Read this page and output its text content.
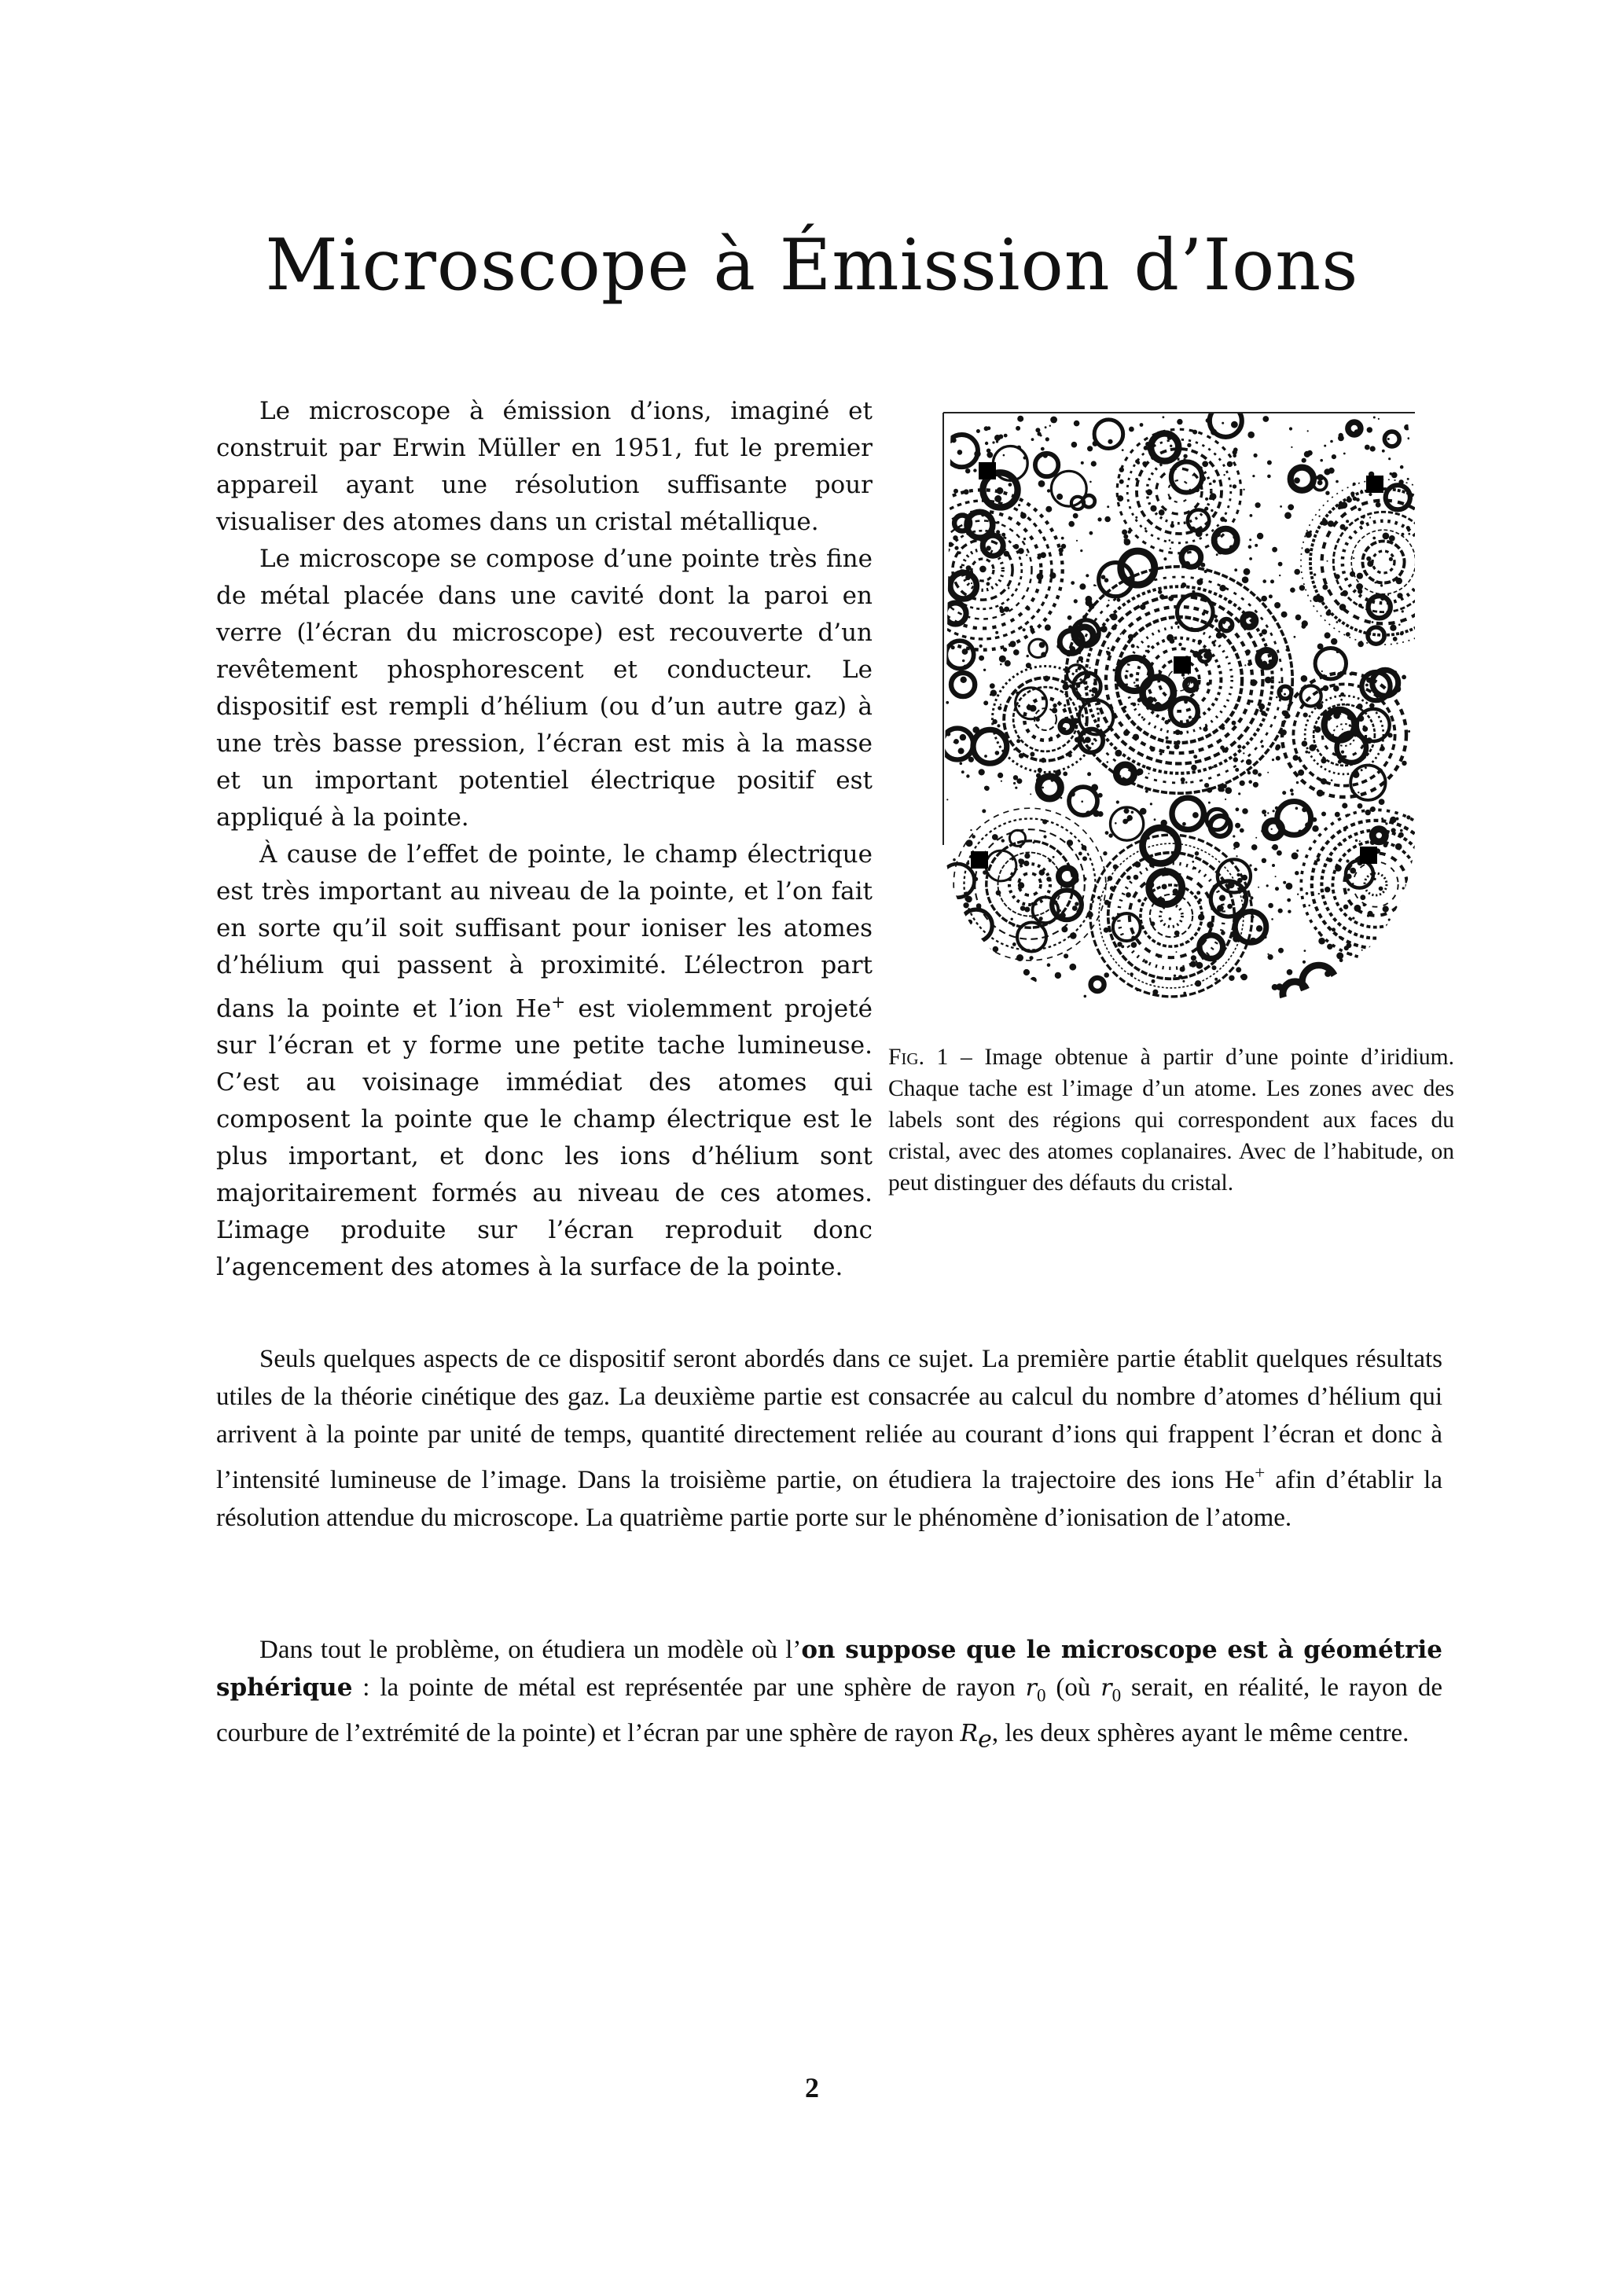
Microscope à Émission d’Ions

Le microscope à émission d’ions, imaginé et construit par Erwin Müller en 1951, fut le premier appareil ayant une résolution suffisante pour visualiser des atomes dans un cristal métallique.

Le microscope se compose d’une pointe très fine de métal placée dans une cavité dont la paroi en verre (l’écran du microscope) est recouverte d’un revêtement phosphorescent et conducteur. Le dispositif est rempli d’hélium (ou d’un autre gaz) à une très basse pression, l’écran est mis à la masse et un important potentiel électrique positif est appliqué à la pointe.

À cause de l’effet de pointe, le champ électrique est très important au niveau de la pointe, et l’on fait en sorte qu’il soit suffisant pour ioniser les atomes d’hélium qui passent à proximité. L’électron part dans la pointe et l’ion He+ est violemment projeté sur l’écran et y forme une petite tache lumineuse. C’est au voisinage immédiat des atomes qui composent la pointe que le champ électrique est le plus important, et donc les ions d’hélium sont majoritairement formés au niveau de ces atomes. L’image produite sur l’écran reproduit donc l’agencement des atomes à la surface de la pointe.

Fig. 1 – Image obtenue à partir d’une pointe d’iridium. Chaque tache est l’image d’un atome. Les zones avec des labels sont des régions qui correspondent aux faces du cristal, avec des atomes coplanaires. Avec de l’habitude, on peut distinguer des défauts du cristal.

Seuls quelques aspects de ce dispositif seront abordés dans ce sujet. La première partie établit quelques résultats utiles de la théorie cinétique des gaz. La deuxième partie est consacrée au calcul du nombre d’atomes d’hélium qui arrivent à la pointe par unité de temps, quantité directement reliée au courant d’ions qui frappent l’écran et donc à l’intensité lumineuse de l’image. Dans la troisième partie, on étudiera la trajectoire des ions He+ afin d’établir la résolution attendue du microscope. La quatrième partie porte sur le phénomène d’ionisation de l’atome.

Dans tout le problème, on étudiera un modèle où l’on suppose que le microscope est à géométrie sphérique : la pointe de métal est représentée par une sphère de rayon $r_0$ (où $r_0$ serait, en réalité, le rayon de courbure de l’extrémité de la pointe) et l’écran par une sphère de rayon $R_e$, les deux sphères ayant le même centre.

2
